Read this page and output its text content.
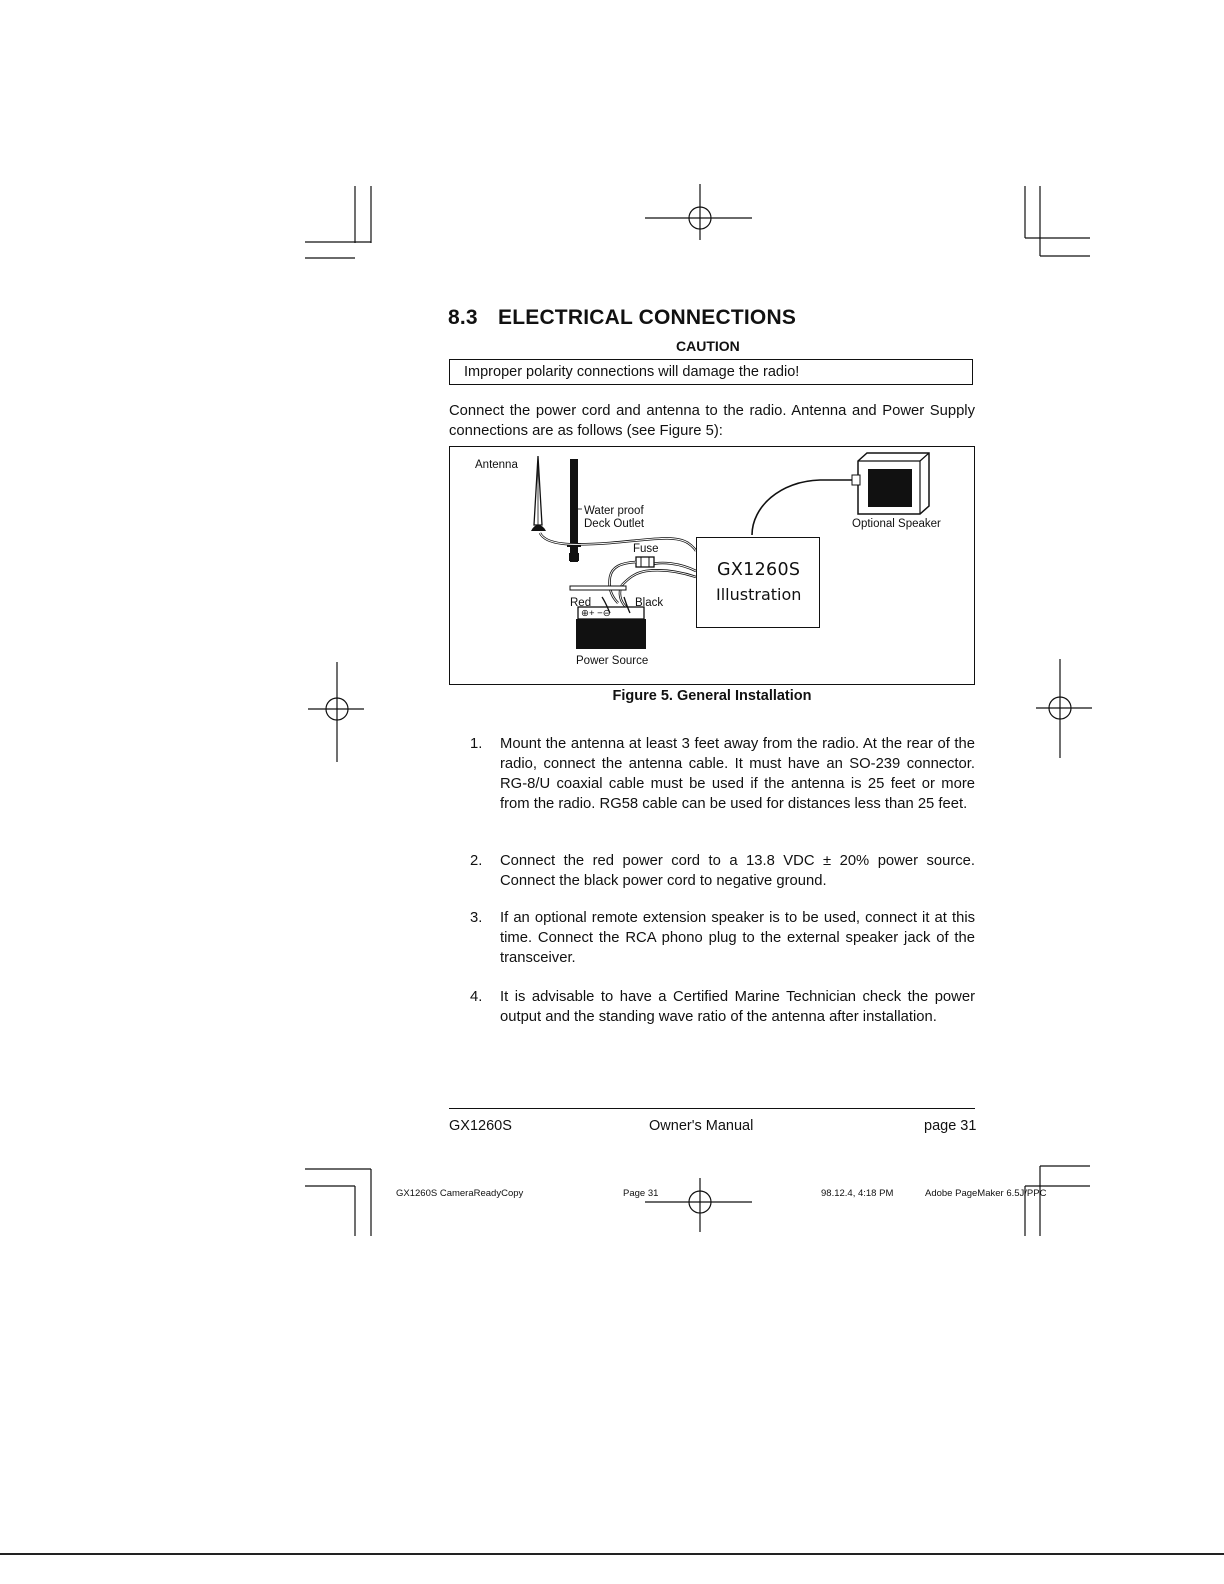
8.3 ELECTRICAL CONNECTIONS
CAUTION
Improper polarity connections will damage the radio!
Connect the power cord and antenna to the radio. Antenna and Power Supply connections are as follows (see Figure 5):
Antenna
Water proof
Deck Outlet
Fuse
Optional Speaker
Red	Black
Power Source
⊕+ −⊖
GX1260S
Illustration
Figure 5. General Installation
1. Mount the antenna at least 3 feet away from the radio. At the rear of the radio, connect the antenna cable. It must have an SO-239 connector. RG-8/U coaxial cable must be used if the antenna is 25 feet or more from the radio. RG58 cable can be used for distances less than 25 feet.
2. Connect the red power cord to a 13.8 VDC ± 20% power source. Connect the black power cord to negative ground.
3. If an optional remote extension speaker is to be used, connect it at this time. Connect the RCA phono plug to the external speaker jack of the transceiver.
4. It is advisable to have a Certified Marine Technician check the power output and the standing wave ratio of the antenna after installation.
GX1260S	Owner's Manual	page 31
GX1260S CameraReadyCopy	Page 31	98.12.4, 4:18 PM	Adobe PageMaker 6.5J/PPC
